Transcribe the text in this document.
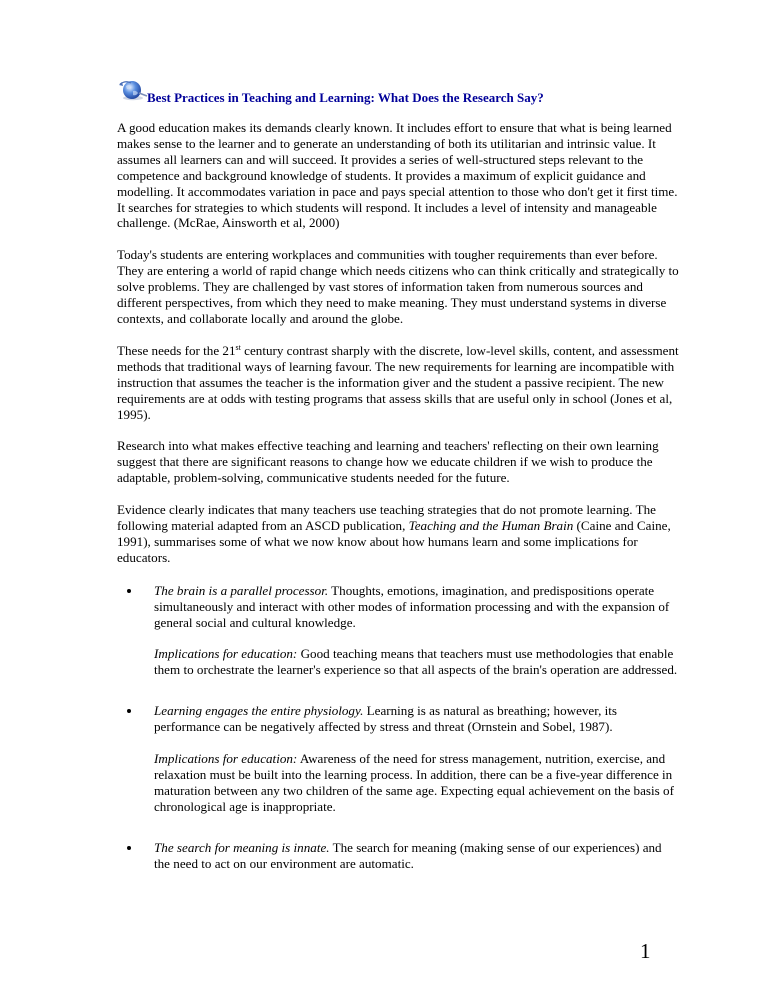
Best Practices in Teaching and Learning: What Does the Research Say?

A good education makes its demands clearly known. It includes effort to ensure that what is being learned makes sense to the learner and to generate an understanding of both its utilitarian and intrinsic value. It assumes all learners can and will succeed. It provides a series of well-structured steps relevant to the competence and background knowledge of students. It provides a maximum of explicit guidance and modelling. It accommodates variation in pace and pays special attention to those who don't get it first time. It searches for strategies to which students will respond. It includes a level of intensity and manageable challenge. (McRae, Ainsworth et al, 2000)

Today's students are entering workplaces and communities with tougher requirements than ever before. They are entering a world of rapid change which needs citizens who can think critically and strategically to solve problems. They are challenged by vast stores of information taken from numerous sources and different perspectives, from which they need to make meaning. They must understand systems in diverse contexts, and collaborate locally and around the globe.

These needs for the 21st century contrast sharply with the discrete, low-level skills, content, and assessment methods that traditional ways of learning favour. The new requirements for learning are incompatible with instruction that assumes the teacher is the information giver and the student a passive recipient. The new requirements are at odds with testing programs that assess skills that are useful only in school (Jones et al, 1995).

Research into what makes effective teaching and learning and teachers' reflecting on their own learning suggest that there are significant reasons to change how we educate children if we wish to produce the adaptable, problem-solving, communicative students needed for the future.

Evidence clearly indicates that many teachers use teaching strategies that do not promote learning. The following material adapted from an ASCD publication, Teaching and the Human Brain (Caine and Caine, 1991), summarises some of what we now know about how humans learn and some implications for educators.

The brain is a parallel processor. Thoughts, emotions, imagination, and predispositions operate simultaneously and interact with other modes of information processing and with the expansion of general social and cultural knowledge.

Implications for education: Good teaching means that teachers must use methodologies that enable them to orchestrate the learner's experience so that all aspects of the brain's operation are addressed.

Learning engages the entire physiology. Learning is as natural as breathing; however, its performance can be negatively affected by stress and threat (Ornstein and Sobel, 1987).

Implications for education: Awareness of the need for stress management, nutrition, exercise, and relaxation must be built into the learning process. In addition, there can be a five-year difference in maturation between any two children of the same age. Expecting equal achievement on the basis of chronological age is inappropriate.

The search for meaning is innate. The search for meaning (making sense of our experiences) and the need to act on our environment are automatic.
1
